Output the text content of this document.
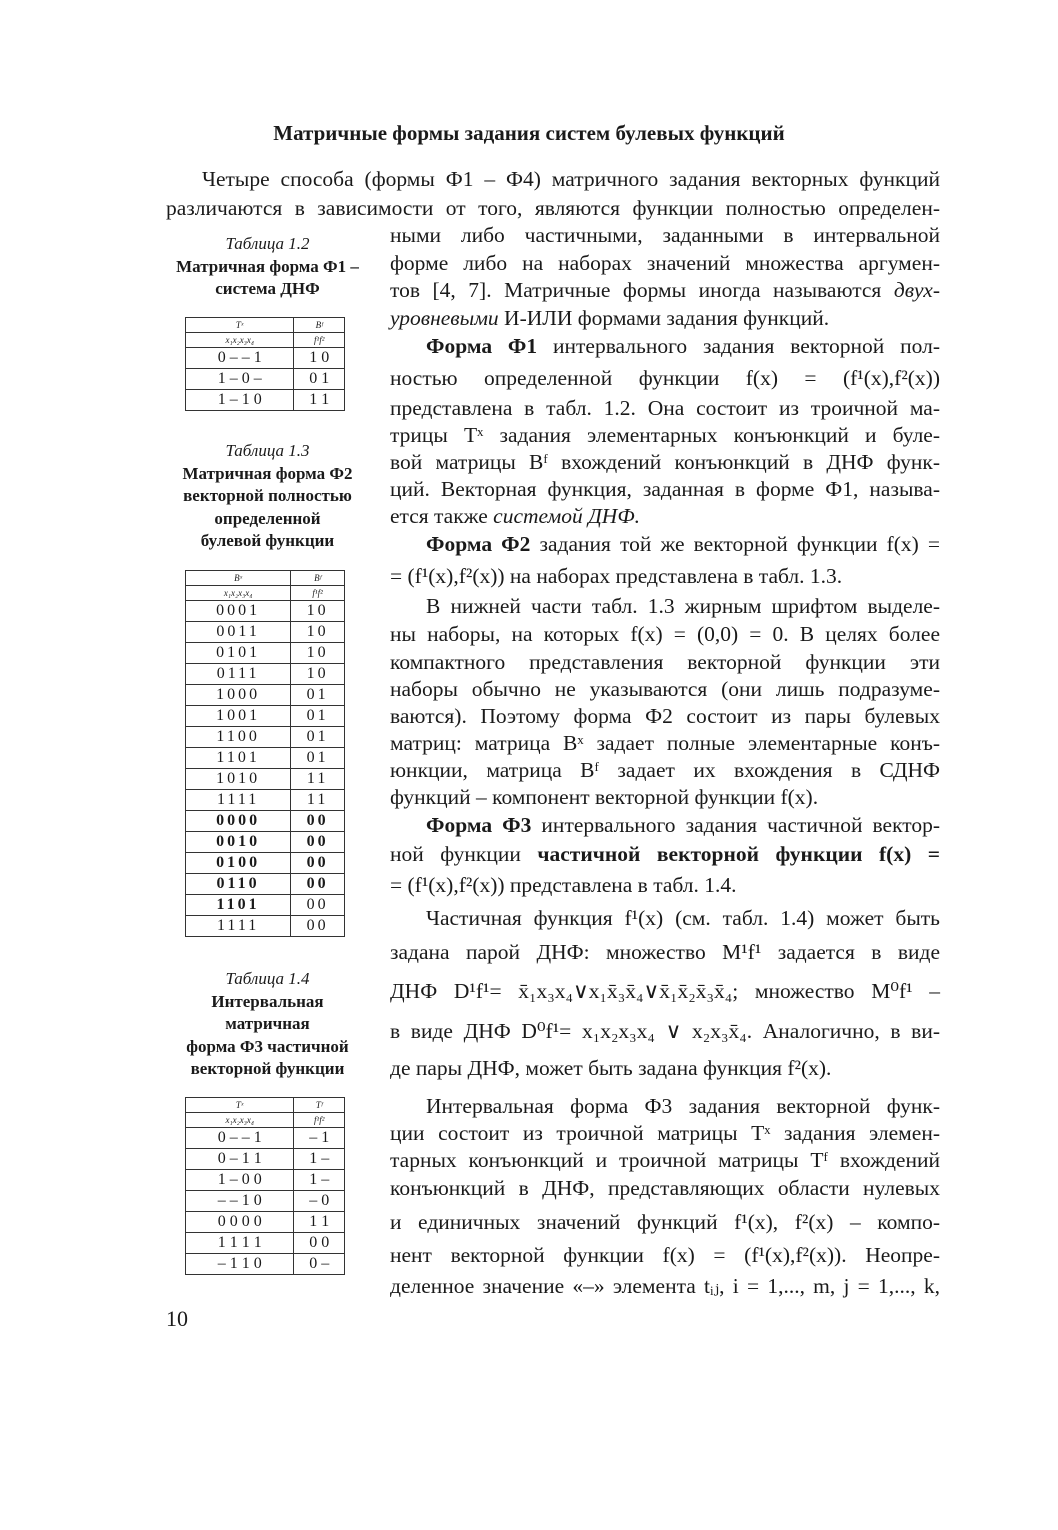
Матричные формы задания систем булевых функций
Четыре способа (формы Ф1 – Ф4) матричного задания векторных функций
различаются в зависимости от того, являются функции полностью определен-
ными либо частичными, заданными в интервальной
форме либо на наборах значений множества аргумен-
тов [4, 7]. Матричные формы иногда называются двух-
уровневыми И-ИЛИ формами задания функций.
Форма Ф1 интервального задания векторной пол-
ностью определенной функции f(x) = (f¹(x),f²(x))
представлена в табл. 1.2. Она состоит из троичной ма-
трицы Tˣ задания элементарных конъюнкций и буле-
вой матрицы Bᶠ вхождений конъюнкций в ДНФ функ-
ций. Векторная функция, заданная в форме Ф1, называ-
ется также системой ДНФ.
Форма Ф2 задания той же векторной функции f(x) =
= (f¹(x),f²(x)) на наборах представлена в табл. 1.3.
В нижней части табл. 1.3 жирным шрифтом выделе-
ны наборы, на которых f(x) = (0,0) = 0. В целях более
компактного представления векторной функции эти
наборы обычно не указываются (они лишь подразуме-
ваются). Поэтому форма Ф2 состоит из пары булевых
матриц: матрица Bˣ задает полные элементарные конъ-
юнкции, матрица Bᶠ задает их вхождения в СДНФ
функций – компонент векторной функции f(x).
Форма Ф3 интервального задания частичной вектор-
ной функции частичной векторной функции f(x) =
= (f¹(x),f²(x)) представлена в табл. 1.4.
Частичная функция f¹(x) (см. табл. 1.4) может быть
задана парой ДНФ: множество M¹f¹ задается в виде
ДНФ D¹f¹= x̄₁x₃x₄∨x₁x̄₃x̄₄∨x̄₁x̄₂x̄₃x̄₄; множество M⁰f¹ –
в виде ДНФ D⁰f¹= x₁x₂x₃x₄ ∨ x₂x₃x̄₄. Аналогично, в ви-
де пары ДНФ, может быть задана функция f²(x).
Интервальная форма Ф3 задания векторной функ-
ции состоит из троичной матрицы Tˣ задания элемен-
тарных конъюнкций и троичной матрицы Tᶠ вхождений
конъюнкций в ДНФ, представляющих области нулевых
и единичных значений функций f¹(x), f²(x) – компо-
нент векторной функции f(x) = (f¹(x),f²(x)). Неопре-
деленное значение «–» элемента tᵢⱼ, i = 1,..., m, j = 1,..., k,
Таблица 1.2
Матричная форма Ф1 –
система ДНФ
Tˣ	Bᶠ
x₁x₂x₃x₄	f¹f²
0 – – 1	1 0
1 – 0 –	0 1
1 – 1 0	1 1
Таблица 1.3
Матричная форма Ф2
векторной полностью
определенной
булевой функции
Bˣ	Bᶠ
x₁x₂x₃x₄	f¹f²
0001	10
0011	10
0101	10
0111	10
1000	01
1001	01
1100	01
1101	01
1010	11
1111	11
0000	00
0010	00
0100	00
0110	00
1101	00
1111	00
Таблица 1.4
Интервальная
матричная
форма Ф3 частичной
векторной функции
Tˣ	Tᶠ
x₁x₂x₃x₄	f¹f²
0 – – 1	– 1
0 – 1 1	1 –
1 – 0 0	1 –
– – 1 0	– 0
0 0 0 0	1 1
1 1 1 1	0 0
– 1 1 0	0 –
10
